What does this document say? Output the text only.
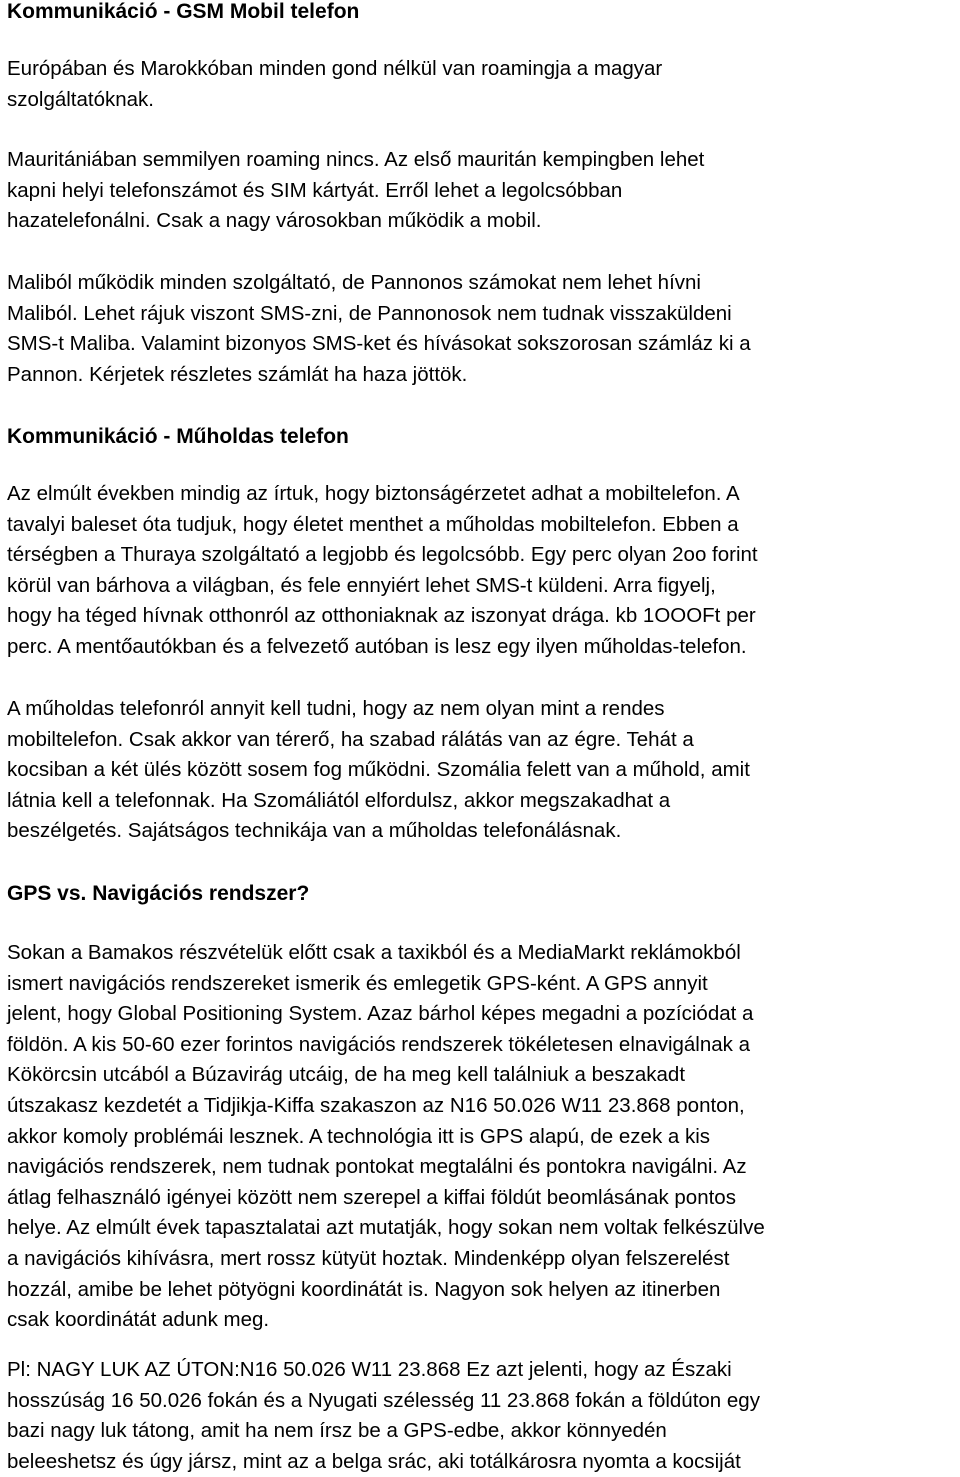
Kommunikáció - GSM Mobil telefon

Európában és Marokkóban minden gond nélkül van roamingja a magyar
szolgáltatóknak.

Mauritániában semmilyen roaming nincs. Az első mauritán kempingben lehet
kapni helyi telefonszámot és SIM kártyát. Erről lehet a legolcsóbban
hazatelefonálni. Csak a nagy városokban működik a mobil.

Maliból működik minden szolgáltató, de Pannonos számokat nem lehet hívni
Maliból. Lehet rájuk viszont SMS-zni, de Pannonosok nem tudnak visszaküldeni
SMS-t Maliba. Valamint bizonyos SMS-ket és hívásokat sokszorosan számláz ki a
Pannon. Kérjetek részletes számlát ha haza jöttök.

Kommunikáció - Műholdas telefon

Az elmúlt években mindig az írtuk, hogy biztonságérzetet adhat a mobiltelefon. A
tavalyi baleset óta tudjuk, hogy életet menthet a műholdas mobiltelefon. Ebben a
térségben a Thuraya szolgáltató a legjobb és legolcsóbb. Egy perc olyan 2oo forint
körül van bárhova a világban, és fele ennyiért lehet SMS-t küldeni. Arra figyelj,
hogy ha téged hívnak otthonról az otthoniaknak az iszonyat drága. kb 1OOOFt per
perc. A mentőautókban és a felvezető autóban is lesz egy ilyen műholdas-telefon.

A műholdas telefonról annyit kell tudni, hogy az nem olyan mint a rendes
mobiltelefon. Csak akkor van térerő, ha szabad rálátás van az égre. Tehát a
kocsiban a két ülés között sosem fog működni. Szomália felett van a műhold, amit
látnia kell a telefonnak. Ha Szomáliától elfordulsz, akkor megszakadhat a
beszélgetés. Sajátságos technikája van a műholdas telefonálásnak.

GPS vs. Navigációs rendszer?

Sokan a Bamakos részvételük előtt csak a taxikból és a MediaMarkt reklámokból
ismert navigációs rendszereket ismerik és emlegetik GPS-ként. A GPS annyit
jelent, hogy Global Positioning System. Azaz bárhol képes megadni a pozíciódat a
földön. A kis 50-60 ezer forintos navigációs rendszerek tökéletesen elnavigálnak a
Kökörcsin utcából a Búzavirág utcáig, de ha meg kell találniuk a beszakadt
útszakasz kezdetét a Tidjikja-Kiffa szakaszon az N16 50.026 W11 23.868 ponton,
akkor komoly problémái lesznek. A technológia itt is GPS alapú, de ezek a kis
navigációs rendszerek, nem tudnak pontokat megtalálni és pontokra navigálni. Az
átlag felhasználó igényei között nem szerepel a kiffai földút beomlásának pontos
helye. Az elmúlt évek tapasztalatai azt mutatják, hogy sokan nem voltak felkészülve
a navigációs kihívásra, mert rossz kütyüt hoztak. Mindenképp olyan felszerelést
hozzál, amibe be lehet pötyögni koordinátát is. Nagyon sok helyen az itinerben
csak koordinátát adunk meg.

Pl: NAGY LUK AZ ÚTON:N16 50.026 W11 23.868 Ez azt jelenti, hogy az Északi
hosszúság 16 50.026 fokán és a Nyugati szélesség 11 23.868 fokán a földúton egy
bazi nagy luk tátong, amit ha nem írsz be a GPS-edbe, akkor könnyedén
beleeshetsz és úgy jársz, mint az a belga srác, aki totálkárosra nyomta a kocsiját
